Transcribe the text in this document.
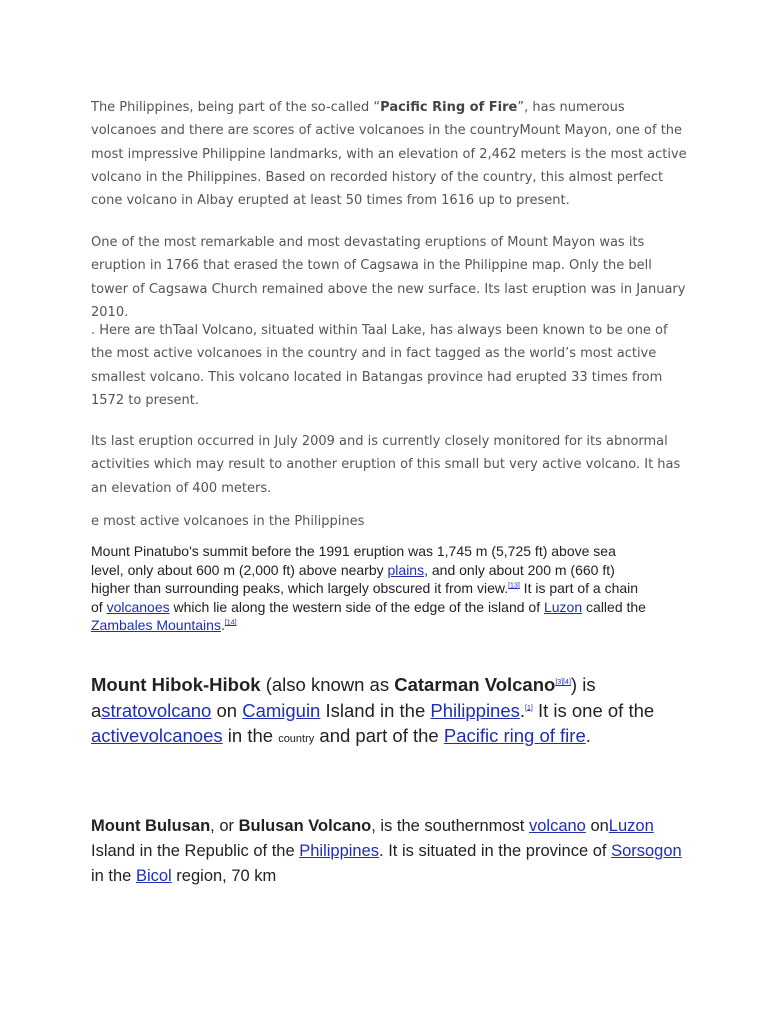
The Philippines, being part of the so-called “Pacific Ring of Fire”, has numerous volcanoes and there are scores of active volcanoes in the countryMount Mayon, one of the most impressive Philippine landmarks, with an elevation of 2,462 meters is the most active volcano in the Philippines. Based on recorded history of the country, this almost perfect cone volcano in Albay erupted at least 50 times from 1616 up to present.

One of the most remarkable and most devastating eruptions of Mount Mayon was its eruption in 1766 that erased the town of Cagsawa in the Philippine map. Only the bell tower of Cagsawa Church remained above the new surface. Its last eruption was in January 2010.

. Here are thTaal Volcano, situated within Taal Lake, has always been known to be one of the most active volcanoes in the country and in fact tagged as the world’s most active smallest volcano. This volcano located in Batangas province had erupted 33 times from 1572 to present.

Its last eruption occurred in July 2009 and is currently closely monitored for its abnormal activities which may result to another eruption of this small but very active volcano. It has an elevation of 400 meters.

e most active volcanoes in the Philippines

Mount Pinatubo's summit before the 1991 eruption was 1,745 m (5,725 ft) above sea level, only about 600 m (2,000 ft) above nearby plains, and only about 200 m (660 ft) higher than surrounding peaks, which largely obscured it from view.[13] It is part of a chain of volcanoes which lie along the western side of the edge of the island of Luzon called the Zambales Mountains.[14]

Mount Hibok-Hibok (also known as Catarman Volcano[3][4]) is astratovolcano on Camiguin Island in the Philippines.[1] It is one of the activevolcanoes in the country and part of the Pacific ring of fire.

Mount Bulusan, or Bulusan Volcano, is the southernmost volcano onLuzon Island in the Republic of the Philippines. It is situated in the province of Sorsogon in the Bicol region, 70 km
